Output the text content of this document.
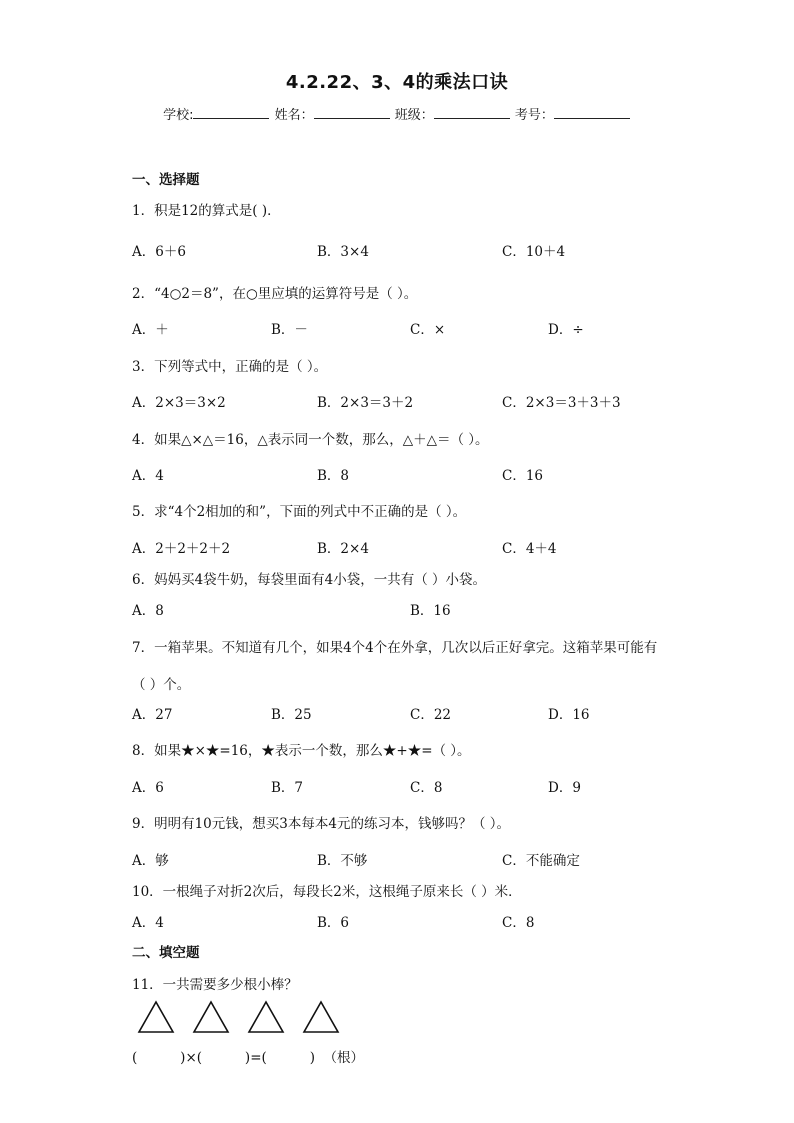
4.2.22、3、4的乘法口诀
学校:	姓名：	班级：	考号：
一、选择题
1．积是12的算式是( )．
A．6＋6	B．3×4	C．10＋4
2．“4○2＝8”，在○里应填的运算符号是（ ）。
A．＋	B．－	C．×	D．÷
3．下列等式中，正确的是（ ）。
A．2×3＝3×2	B．2×3＝3＋2	C．2×3＝3＋3＋3
4．如果△×△＝16，△表示同一个数，那么，△＋△＝（ ）。
A．4	B．8	C．16
5．求“4个2相加的和”，下面的列式中不正确的是（ ）。
A．2＋2＋2＋2	B．2×4	C．4＋4
6．妈妈买4袋牛奶，每袋里面有4小袋，一共有（ ）小袋。
A．8	B．16
7．一箱苹果。不知道有几个，如果4个4个在外拿，几次以后正好拿完。这箱苹果可能有（ ）个。
A．27	B．25	C．22	D．16
8．如果★×★=16，★表示一个数，那么★+★=（ ）。
A．6	B．7	C．8	D．9
9．明明有10元钱，想买3本每本4元的练习本，钱够吗？（ ）。
A．够	B．不够	C．不能确定
10．一根绳子对折2次后，每段长2米，这根绳子原来长（ ）米．
A．4	B．6	C．8
二、填空题
11．一共需要多少根小棒？
(          )×(          )=(          )  （根）
